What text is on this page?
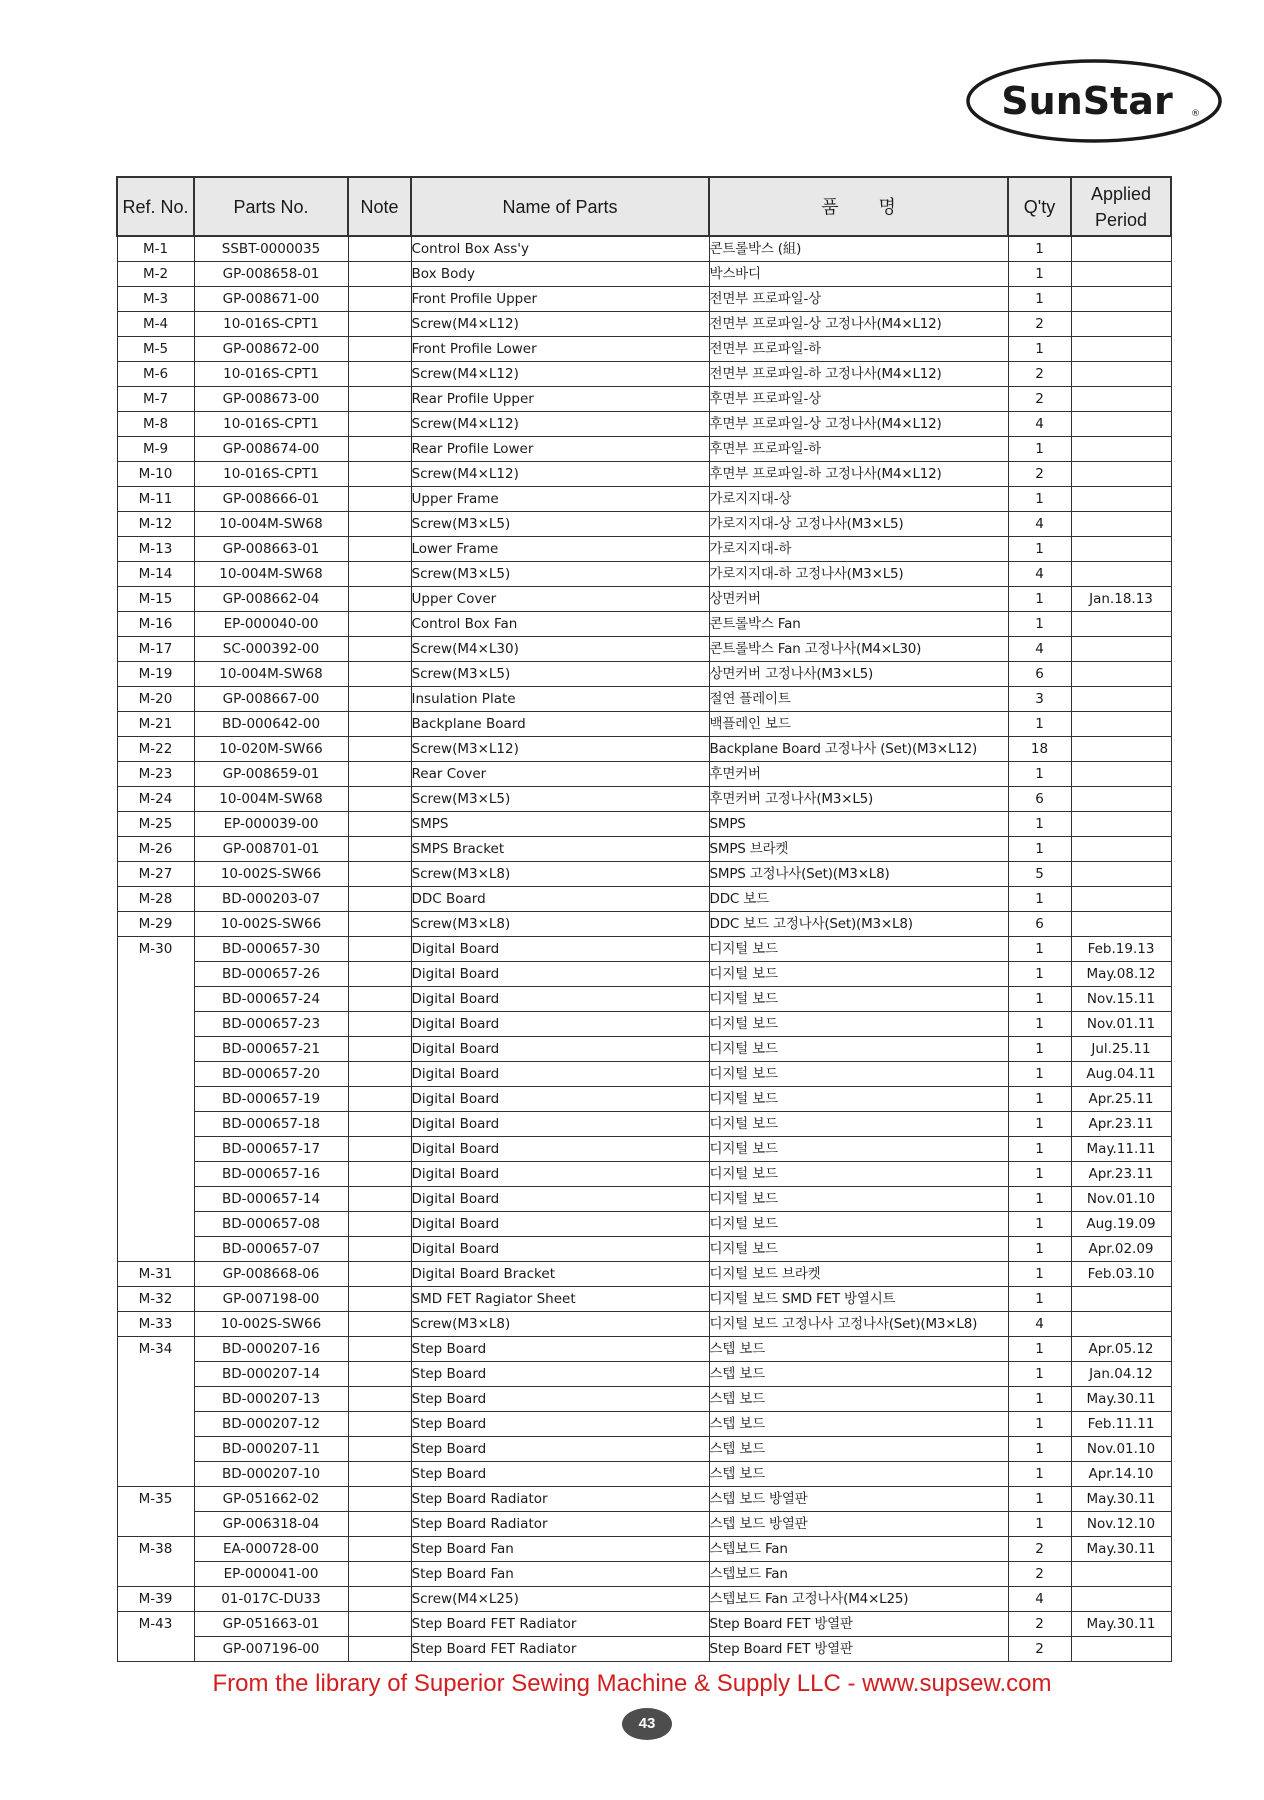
SunStar ®
Ref. No.	Parts No.	Note	Name of Parts	품        명	Q'ty	Applied Period
M-1	SSBT-0000035		Control Box Ass'y	콘트롤박스 (組)	1	
M-2	GP-008658-01		Box Body	박스바디	1	
M-3	GP-008671-00		Front Profile Upper	전면부 프로파일-상	1	
M-4	10-016S-CPT1		Screw(M4×L12)	전면부 프로파일-상 고정나사(M4×L12)	2	
M-5	GP-008672-00		Front Profile Lower	전면부 프로파일-하	1	
M-6	10-016S-CPT1		Screw(M4×L12)	전면부 프로파일-하 고정나사(M4×L12)	2	
M-7	GP-008673-00		Rear Profile Upper	후면부 프로파일-상	2	
M-8	10-016S-CPT1		Screw(M4×L12)	후면부 프로파일-상 고정나사(M4×L12)	4	
M-9	GP-008674-00		Rear Profile Lower	후면부 프로파일-하	1	
M-10	10-016S-CPT1		Screw(M4×L12)	후면부 프로파일-하 고정나사(M4×L12)	2	
M-11	GP-008666-01		Upper Frame	가로지지대-상	1	
M-12	10-004M-SW68		Screw(M3×L5)	가로지지대-상 고정나사(M3×L5)	4	
M-13	GP-008663-01		Lower Frame	가로지지대-하	1	
M-14	10-004M-SW68		Screw(M3×L5)	가로지지대-하 고정나사(M3×L5)	4	
M-15	GP-008662-04		Upper Cover	상면커버	1	Jan.18.13
M-16	EP-000040-00		Control Box Fan	콘트롤박스 Fan	1	
M-17	SC-000392-00		Screw(M4×L30)	콘트롤박스 Fan 고정나사(M4×L30)	4	
M-19	10-004M-SW68		Screw(M3×L5)	상면커버 고정나사(M3×L5)	6	
M-20	GP-008667-00		Insulation Plate	절연 플레이트	3	
M-21	BD-000642-00		Backplane Board	백플레인 보드	1	
M-22	10-020M-SW66		Screw(M3×L12)	Backplane Board 고정나사 (Set)(M3×L12)	18	
M-23	GP-008659-01		Rear Cover	후면커버	1	
M-24	10-004M-SW68		Screw(M3×L5)	후면커버 고정나사(M3×L5)	6	
M-25	EP-000039-00		SMPS	SMPS	1	
M-26	GP-008701-01		SMPS Bracket	SMPS 브라켓	1	
M-27	10-002S-SW66		Screw(M3×L8)	SMPS 고정나사(Set)(M3×L8)	5	
M-28	BD-000203-07		DDC Board	DDC 보드	1	
M-29	10-002S-SW66		Screw(M3×L8)	DDC 보드 고정나사(Set)(M3×L8)	6	
M-30	BD-000657-30		Digital Board	디지털 보드	1	Feb.19.13
	BD-000657-26		Digital Board	디지털 보드	1	May.08.12
	BD-000657-24		Digital Board	디지털 보드	1	Nov.15.11
	BD-000657-23		Digital Board	디지털 보드	1	Nov.01.11
	BD-000657-21		Digital Board	디지털 보드	1	Jul.25.11
	BD-000657-20		Digital Board	디지털 보드	1	Aug.04.11
	BD-000657-19		Digital Board	디지털 보드	1	Apr.25.11
	BD-000657-18		Digital Board	디지털 보드	1	Apr.23.11
	BD-000657-17		Digital Board	디지털 보드	1	May.11.11
	BD-000657-16		Digital Board	디지털 보드	1	Apr.23.11
	BD-000657-14		Digital Board	디지털 보드	1	Nov.01.10
	BD-000657-08		Digital Board	디지털 보드	1	Aug.19.09
	BD-000657-07		Digital Board	디지털 보드	1	Apr.02.09
M-31	GP-008668-06		Digital Board Bracket	디지털 보드 브라켓	1	Feb.03.10
M-32	GP-007198-00		SMD FET Ragiator Sheet	디지털 보드 SMD FET 방열시트	1	
M-33	10-002S-SW66		Screw(M3×L8)	디지털 보드 고정나사 고정나사(Set)(M3×L8)	4	
M-34	BD-000207-16		Step Board	스텝 보드	1	Apr.05.12
	BD-000207-14		Step Board	스텝 보드	1	Jan.04.12
	BD-000207-13		Step Board	스텝 보드	1	May.30.11
	BD-000207-12		Step Board	스텝 보드	1	Feb.11.11
	BD-000207-11		Step Board	스텝 보드	1	Nov.01.10
	BD-000207-10		Step Board	스텝 보드	1	Apr.14.10
M-35	GP-051662-02		Step Board Radiator	스텝 보드 방열판	1	May.30.11
	GP-006318-04		Step Board Radiator	스텝 보드 방열판	1	Nov.12.10
M-38	EA-000728-00		Step Board Fan	스텝보드 Fan	2	May.30.11
	EP-000041-00		Step Board Fan	스텝보드 Fan	2	
M-39	01-017C-DU33		Screw(M4×L25)	스텝보드 Fan 고정나사(M4×L25)	4	
M-43	GP-051663-01		Step Board FET Radiator	Step Board FET 방열판	2	May.30.11
	GP-007196-00		Step Board FET Radiator	Step Board FET 방열판	2	
From the library of Superior Sewing Machine & Supply LLC - www.supsew.com
43
